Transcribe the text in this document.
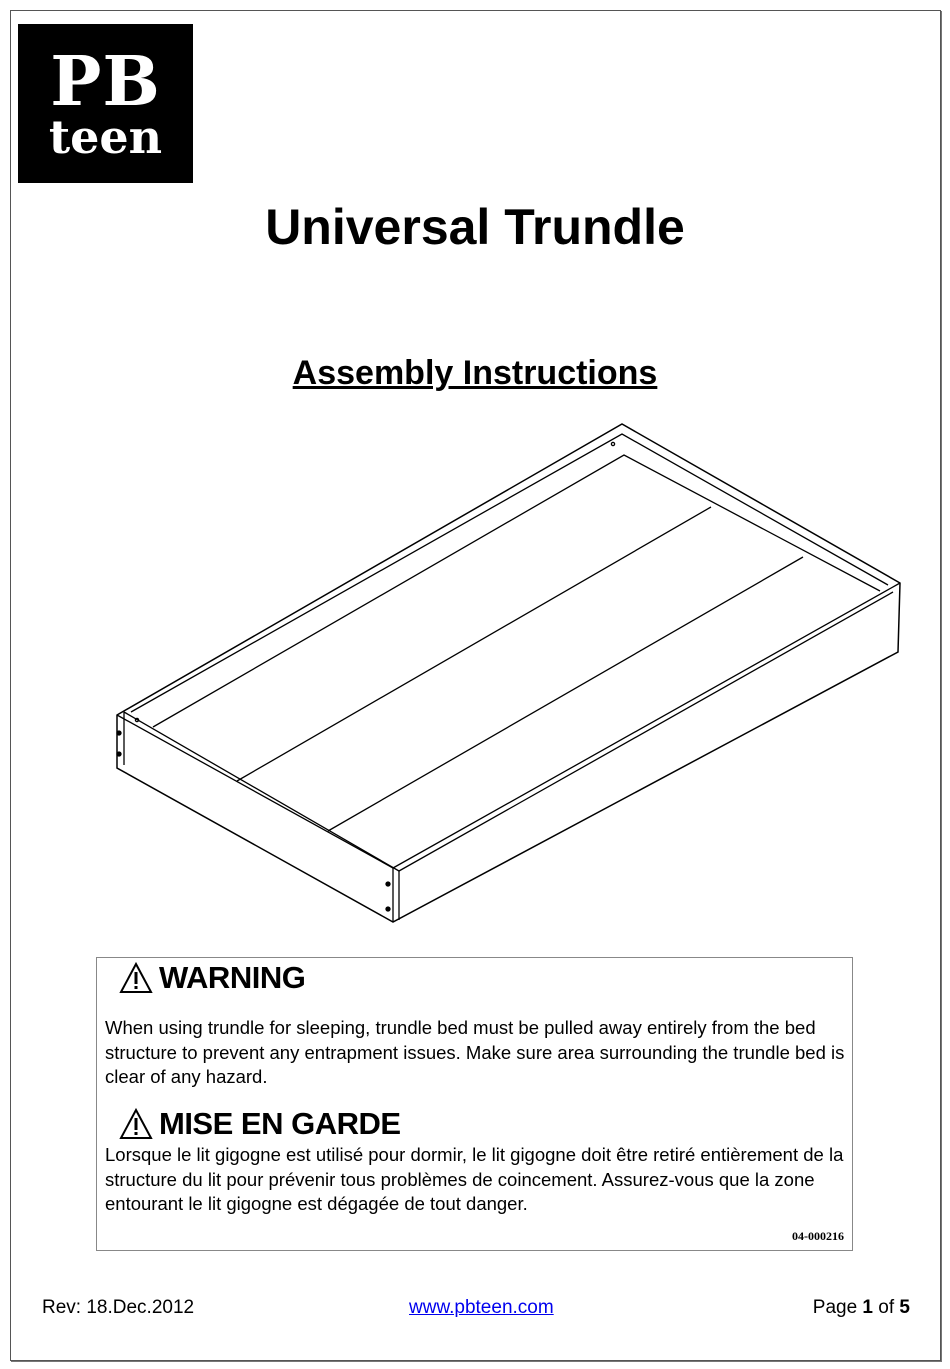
PB
teen
Universal Trundle
Assembly Instructions
WARNING
When using trundle for sleeping, trundle bed must be pulled away entirely from the bed structure to prevent any entrapment issues. Make sure area surrounding the trundle bed is clear of any hazard.
MISE EN GARDE
Lorsque le lit gigogne est utilisé pour dormir, le lit gigogne doit être retiré entièrement de la structure du lit pour prévenir tous problèmes de coincement. Assurez-vous que la zone entourant le lit gigogne est dégagée de tout danger.
04-000216
Rev: 18.Dec.2012	www.pbteen.com	Page 1 of 5
